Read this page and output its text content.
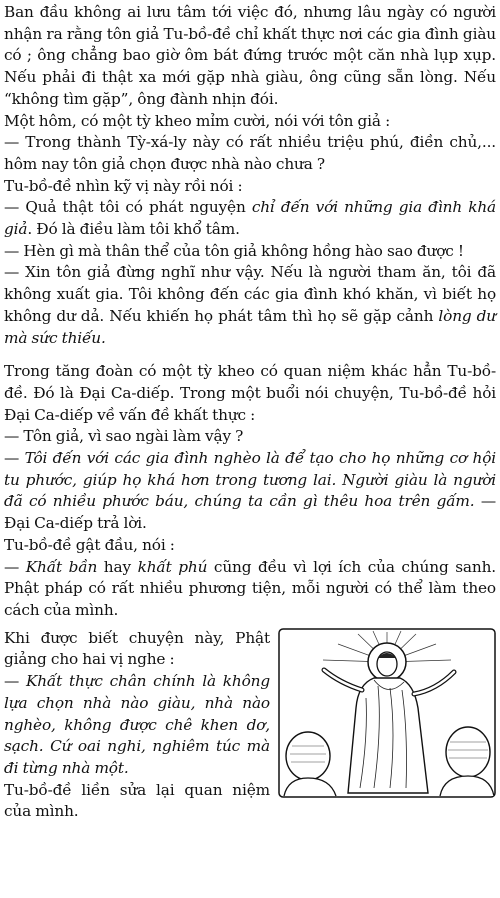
Ban đầu không ai lưu tâm tới việc đó, nhưng lâu ngày có người nhận ra rằng tôn giả Tu-bồ-đề chỉ khất thực nơi các gia đình giàu có ; ông chẳng bao giờ ôm bát đứng trước một căn nhà lụp xụp. Nếu phải đi thật xa mới gặp nhà giàu, ông cũng sẵn lòng. Nếu “không tìm gặp”, ông đành nhịn đói.

Một hôm, có một tỳ kheo mỉm cười, nói với tôn giả :

— Trong thành Tỳ-xá-ly này có rất nhiều triệu phú, điền chủ,... hôm nay tôn giả chọn được nhà nào chưa ?

Tu-bồ-đề nhìn kỹ vị này rồi nói :

— Quả thật tôi có phát nguyện chỉ đến với những gia đình khá giả. Đó là điều làm tôi khổ tâm.

— Hèn gì mà thân thể của tôn giả không hồng hào sao được !

— Xin tôn giả đừng nghĩ như vậy. Nếu là người tham ăn, tôi đã không xuất gia. Tôi không đến các gia đình khó khăn, vì biết họ không dư dả. Nếu khiến họ phát tâm thì họ sẽ gặp cảnh lòng dư mà sức thiếu.

Trong tăng đoàn có một tỳ kheo có quan niệm khác hẳn Tu-bồ-đề. Đó là Đại Ca-diếp. Trong một buổi nói chuyện, Tu-bồ-đề hỏi Đại Ca-diếp về vấn đề khất thực :

— Tôn giả, vì sao ngài làm vậy ?

— Tôi đến với các gia đình nghèo là để tạo cho họ những cơ hội tu phước, giúp họ khá hơn trong tương lai. Người giàu là người đã có nhiều phước báu, chúng ta cần gì thêu hoa trên gấm. — Đại Ca-diếp trả lời.

Tu-bồ-đề gật đầu, nói :

— Khất bần hay khất phú cũng đều vì lợi ích của chúng sanh. Phật pháp có rất nhiều phương tiện, mỗi người có thể làm theo cách của mình.

Khi được biết chuyện này, Phật giảng cho hai vị nghe :

— Khất thực chân chính là không lựa chọn nhà nào giàu, nhà nào nghèo, không được chê khen dơ, sạch. Cứ oai nghi, nghiêm túc mà đi từng nhà một.

Tu-bồ-đề liền sửa lại quan niệm của mình.
